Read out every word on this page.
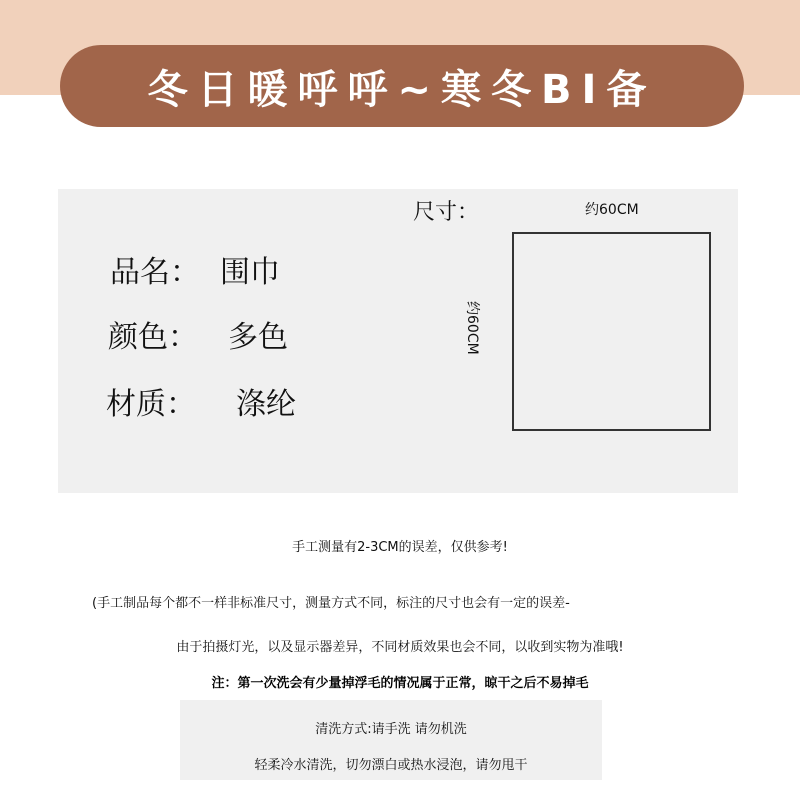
冬日暖呼呼~寒冬BI备
品名： 围巾
颜色： 多色
材质： 涤纶
尺寸：	约60CM
约60CM
手工测量有2-3CM的误差，仅供参考!
(手工制品每个都不一样非标准尺寸，测量方式不同，标注的尺寸也会有一定的误差-
由于拍摄灯光，以及显示器差异，不同材质效果也会不同，以收到实物为准哦!
注：第一次洗会有少量掉浮毛的情况属于正常，晾干之后不易掉毛
清洗方式:请手洗 请勿机洗
轻柔冷水清洗，切勿漂白或热水浸泡，请勿甩干
